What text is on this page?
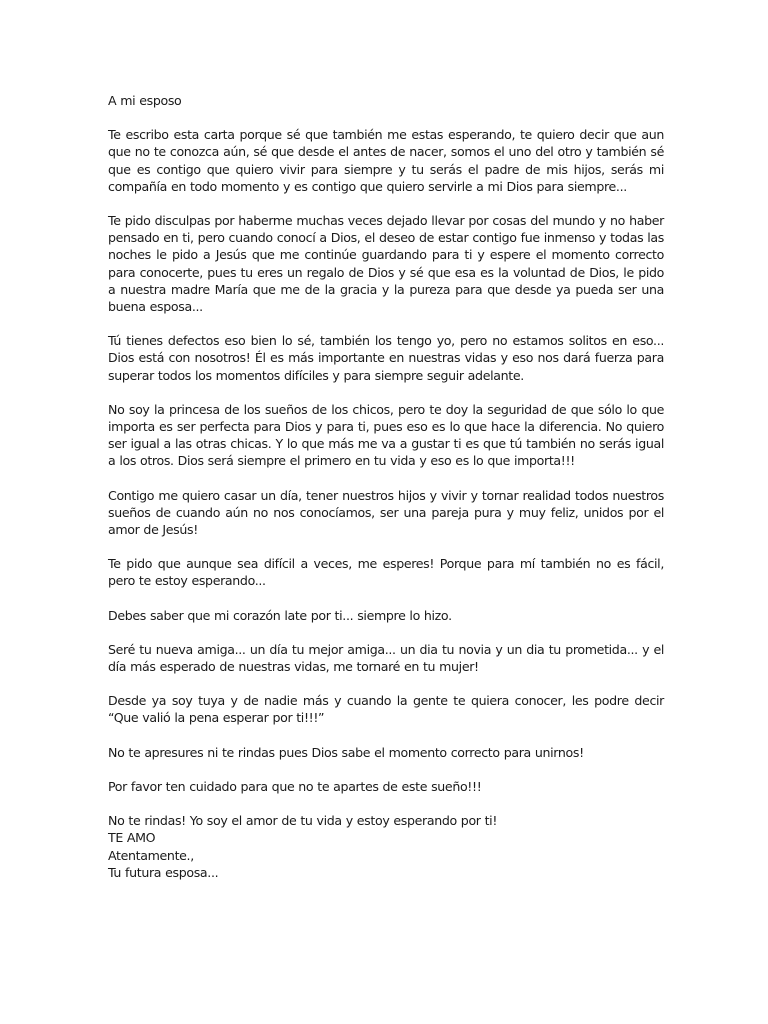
A mi esposo

Te escribo esta carta porque sé que también me estas esperando, te quiero decir que aun que no te conozca aún, sé que desde el antes de nacer, somos el uno del otro y también sé que es contigo que quiero vivir para siempre y tu serás el padre de mis hijos, serás mi compañía en todo momento y es contigo que quiero servirle a mi Dios para siempre...

Te pido disculpas por haberme muchas veces dejado llevar por cosas del mundo y no haber pensado en ti, pero cuando conocí a Dios, el deseo de estar contigo fue inmenso y todas las noches le pido a Jesús que me continúe guardando para ti y espere el momento correcto para conocerte, pues tu eres un regalo de Dios y sé que esa es la voluntad de Dios, le pido a nuestra madre María que me de la gracia y la pureza para que desde ya pueda ser una buena esposa...

Tú tienes defectos eso bien lo sé, también los tengo yo, pero no estamos solitos en eso... Dios está con nosotros! Él es más importante en nuestras vidas y eso nos dará fuerza para superar todos los momentos difíciles y para siempre seguir adelante.

No soy la princesa de los sueños de los chicos, pero te doy la seguridad de que sólo lo que importa es ser perfecta para Dios y para ti, pues eso es lo que hace la diferencia. No quiero ser igual a las otras chicas. Y lo que más me va a gustar ti es que tú también no serás igual a los otros. Dios será siempre el primero en tu vida y eso es lo que importa!!!

Contigo me quiero casar un día, tener nuestros hijos y vivir y tornar realidad todos nuestros sueños de cuando aún no nos conocíamos, ser una pareja pura y muy feliz, unidos por el amor de Jesús!

Te pido que aunque sea difícil a veces, me esperes! Porque para mí también no es fácil, pero te estoy esperando...

Debes saber que mi corazón late por ti... siempre lo hizo.

Seré tu nueva amiga... un día tu mejor amiga... un dia tu novia y un dia tu prometida... y el día más esperado de nuestras vidas, me tornaré en tu mujer!

Desde ya soy tuya y de nadie más y cuando la gente te quiera conocer, les podre decir “Que valió la pena esperar por ti!!!”

No te apresures ni te rindas pues Dios sabe el momento correcto para unirnos!

Por favor ten cuidado para que no te apartes de este sueño!!!

No te rindas! Yo soy el amor de tu vida y estoy esperando por ti!

TE AMO

Atentamente.,

Tu futura esposa...
